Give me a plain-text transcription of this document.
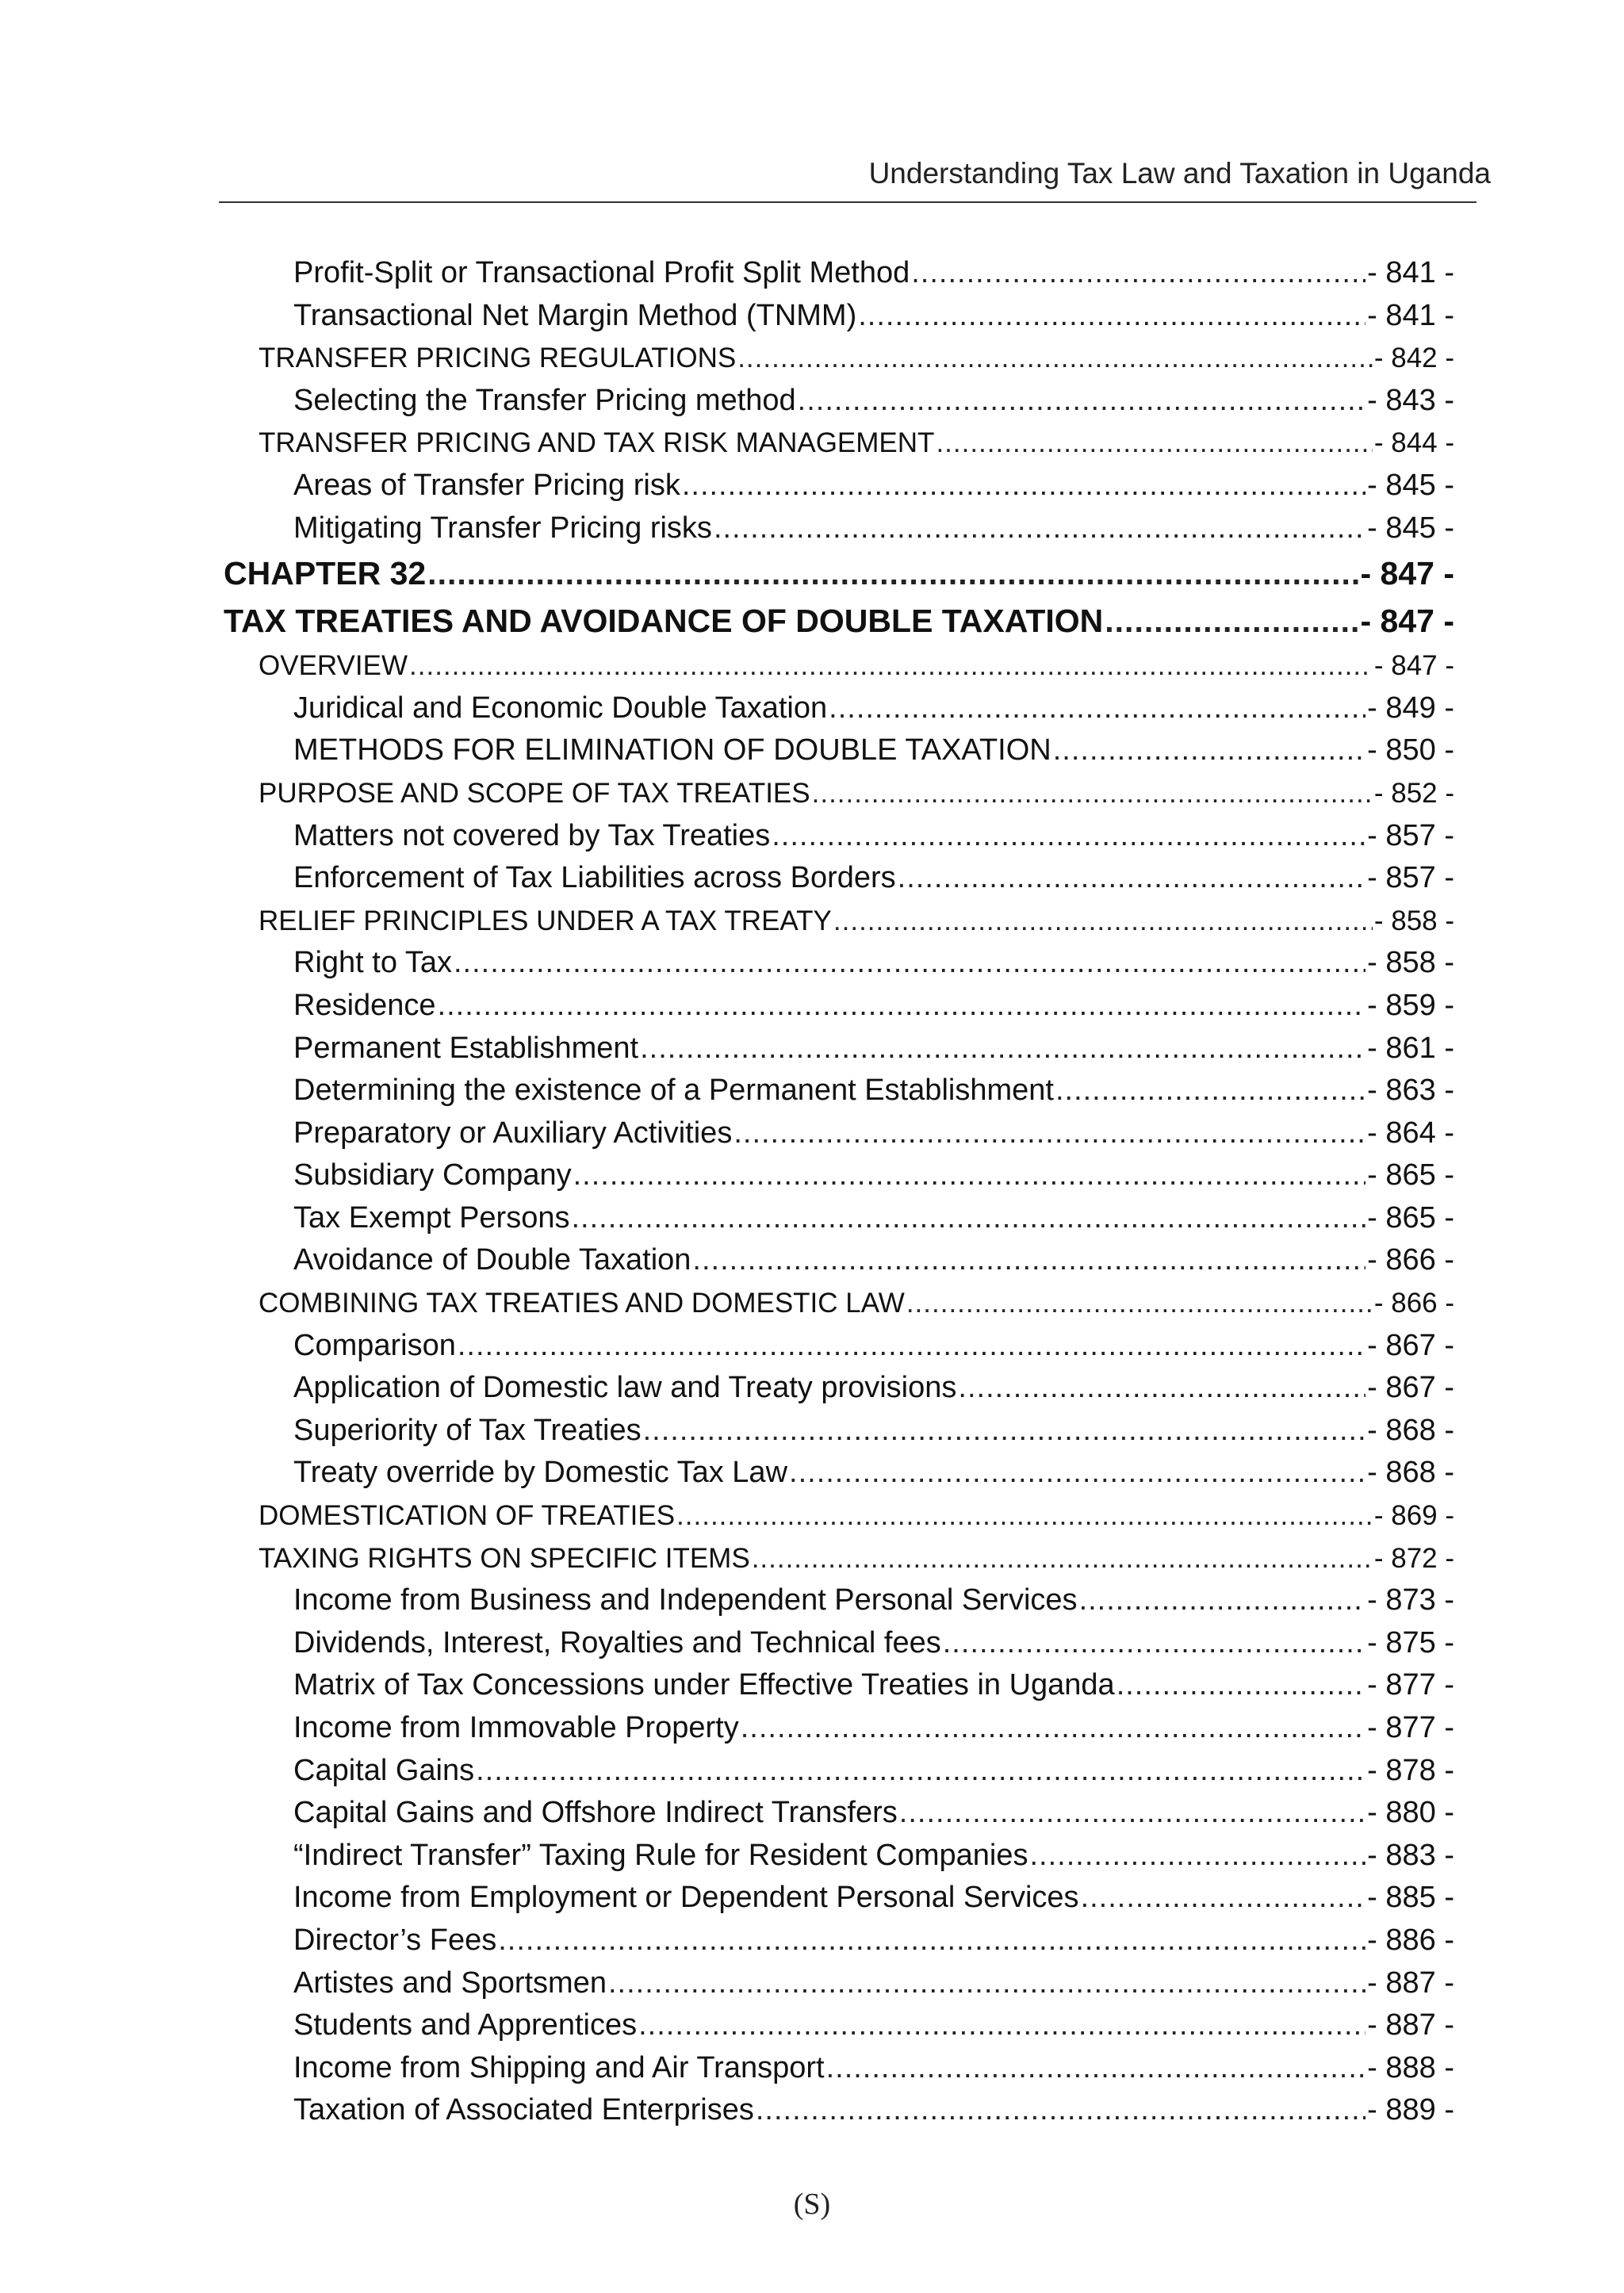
Understanding Tax Law and Taxation in Uganda
Profit-Split or Transactional Profit Split Method .....	- 841 -
Transactional Net Margin Method (TNMM) .....	- 841 -
TRANSFER PRICING REGULATIONS .....	- 842 -
Selecting the Transfer Pricing method .....	- 843 -
TRANSFER PRICING AND TAX RISK MANAGEMENT .....	- 844 -
Areas of Transfer Pricing risk .....	- 845 -
Mitigating Transfer Pricing risks .....	- 845 -
CHAPTER 32 .....	- 847 -
TAX TREATIES AND AVOIDANCE OF DOUBLE TAXATION .....	- 847 -
OVERVIEW .....	- 847 -
Juridical and Economic Double Taxation .....	- 849 -
METHODS FOR ELIMINATION OF DOUBLE TAXATION .....	- 850 -
PURPOSE AND SCOPE OF TAX TREATIES .....	- 852 -
Matters not covered by Tax Treaties .....	- 857 -
Enforcement of Tax Liabilities across Borders .....	- 857 -
RELIEF PRINCIPLES UNDER A TAX TREATY .....	- 858 -
Right to Tax .....	- 858 -
Residence .....	- 859 -
Permanent Establishment .....	- 861 -
Determining the existence of a Permanent Establishment .....	- 863 -
Preparatory or Auxiliary Activities .....	- 864 -
Subsidiary Company .....	- 865 -
Tax Exempt Persons .....	- 865 -
Avoidance of Double Taxation .....	- 866 -
COMBINING TAX TREATIES AND DOMESTIC LAW .....	- 866 -
Comparison .....	- 867 -
Application of Domestic law and Treaty provisions .....	- 867 -
Superiority of Tax Treaties .....	- 868 -
Treaty override by Domestic Tax Law .....	- 868 -
DOMESTICATION OF TREATIES .....	- 869 -
TAXING RIGHTS ON SPECIFIC ITEMS .....	- 872 -
Income from Business and Independent Personal Services .....	- 873 -
Dividends, Interest, Royalties and Technical fees .....	- 875 -
Matrix of Tax Concessions under Effective Treaties in Uganda .....	- 877 -
Income from Immovable Property .....	- 877 -
Capital Gains .....	- 878 -
Capital Gains and Offshore Indirect Transfers .....	- 880 -
“Indirect Transfer” Taxing Rule for Resident Companies .....	- 883 -
Income from Employment or Dependent Personal Services .....	- 885 -
Director’s Fees .....	- 886 -
Artistes and Sportsmen .....	- 887 -
Students and Apprentices .....	- 887 -
Income from Shipping and Air Transport .....	- 888 -
Taxation of Associated Enterprises .....	- 889 -
(S)
